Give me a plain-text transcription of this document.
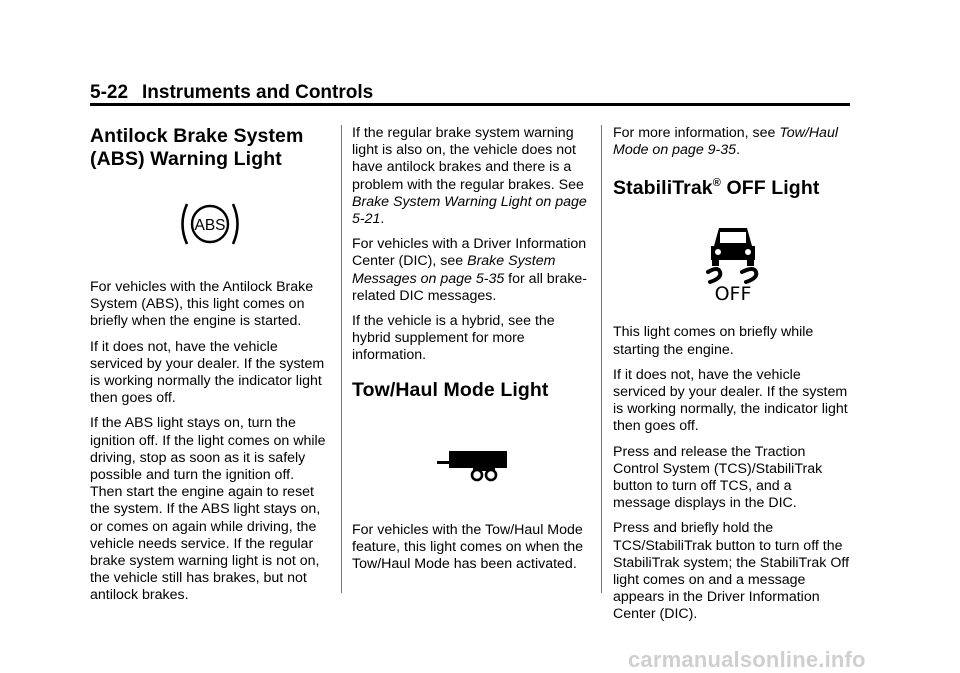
5-22 Instruments and Controls
Antilock Brake System (ABS) Warning Light
ABS

For vehicles with the Antilock Brake System (ABS), this light comes on briefly when the engine is started.

If it does not, have the vehicle serviced by your dealer. If the system is working normally the indicator light then goes off.

If the ABS light stays on, turn the ignition off. If the light comes on while driving, stop as soon as it is safely possible and turn the ignition off. Then start the engine again to reset the system. If the ABS light stays on, or comes on again while driving, the vehicle needs service. If the regular brake system warning light is not on, the vehicle still has brakes, but not antilock brakes.

If the regular brake system warning light is also on, the vehicle does not have antilock brakes and there is a problem with the regular brakes. See Brake System Warning Light on page 5-21.

For vehicles with a Driver Information Center (DIC), see Brake System Messages on page 5-35 for all brake-related DIC messages.

If the vehicle is a hybrid, see the hybrid supplement for more information.

Tow/Haul Mode Light

For vehicles with the Tow/Haul Mode feature, this light comes on when the Tow/Haul Mode has been activated.

For more information, see Tow/Haul Mode on page 9-35.

StabiliTrak® OFF Light
OFF

This light comes on briefly while starting the engine.

If it does not, have the vehicle serviced by your dealer. If the system is working normally, the indicator light then goes off.

Press and release the Traction Control System (TCS)/StabiliTrak button to turn off TCS, and a message displays in the DIC.

Press and briefly hold the TCS/StabiliTrak button to turn off the StabiliTrak system; the StabiliTrak Off light comes on and a message appears in the Driver Information Center (DIC).

carmanualsonline.info
